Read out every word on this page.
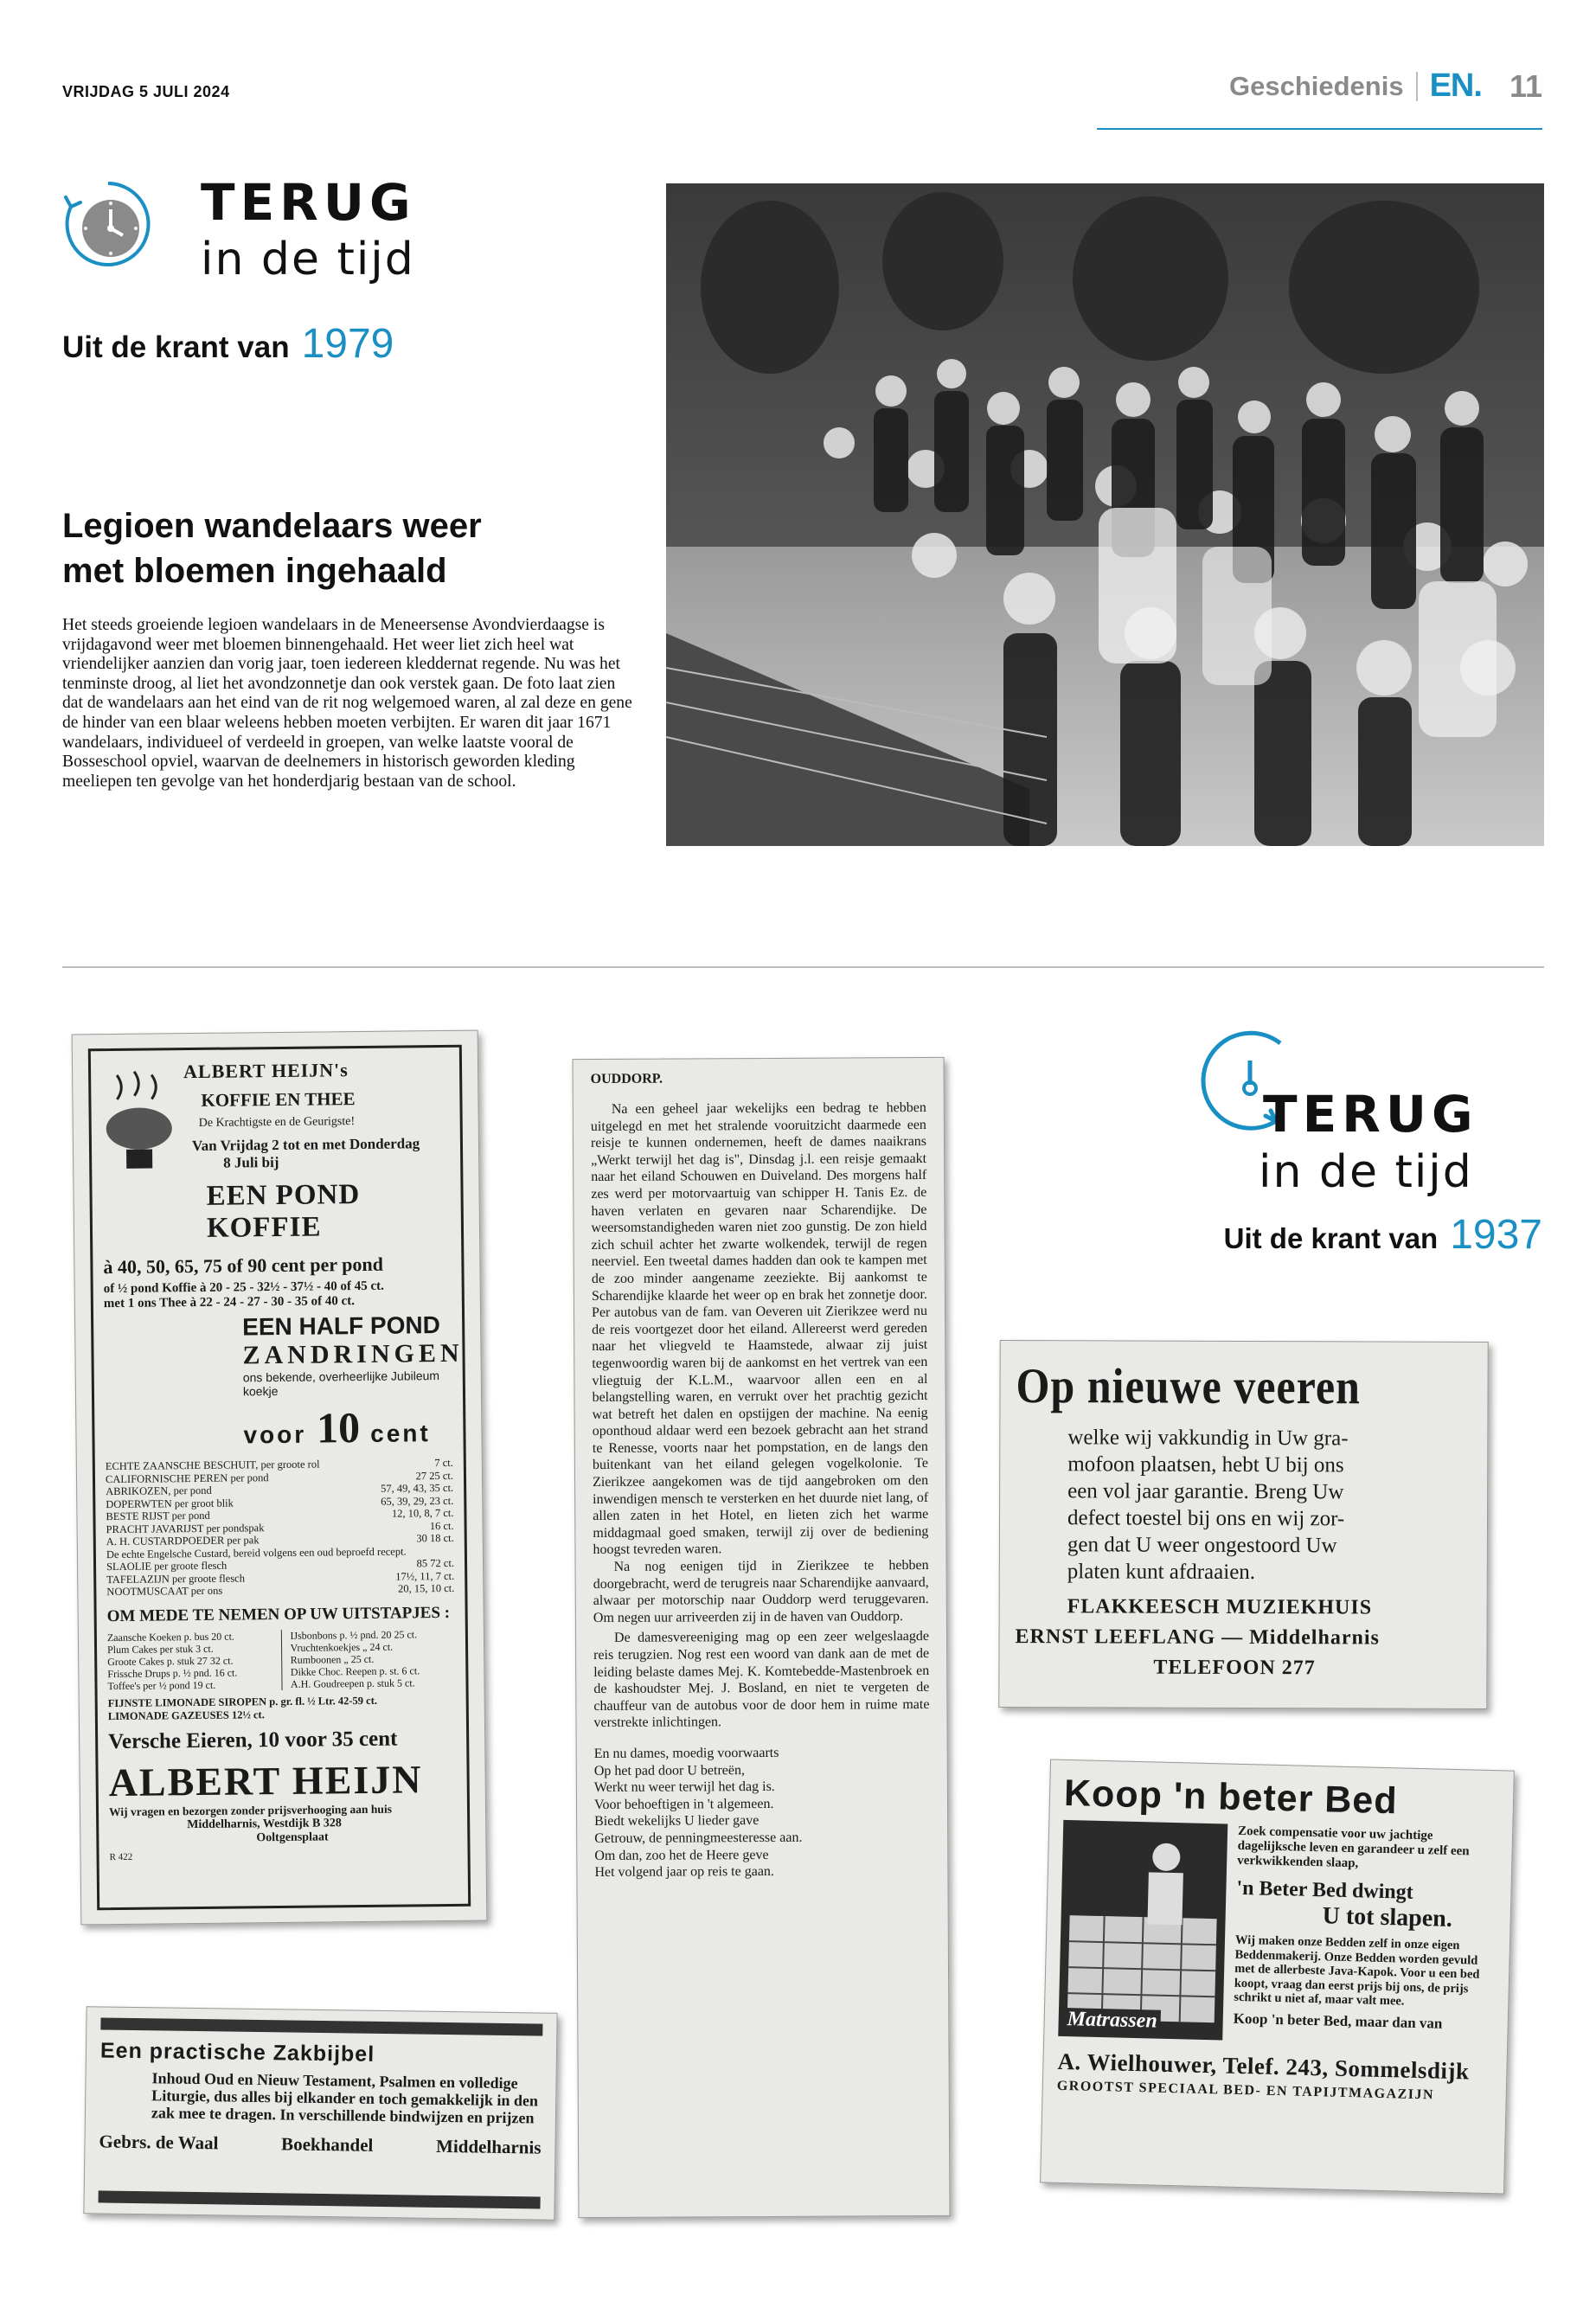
VRIJDAG 5 JULI 2024	Geschiedenis EN. 11
TERUG
in de tijd
Uit de krant van 1979
Legioen wandelaars weer
met bloemen ingehaald
Het steeds groeiende legioen wandelaars in de Meneersense Avondvierdaagse is vrijdagavond weer met bloemen binnengehaald. Het weer liet zich heel wat vriendelijker aanzien dan vorig jaar, toen iedereen kleddernat regende. Nu was het tenminste droog, al liet het avondzonnetje dan ook verstek gaan. De foto laat zien dat de wandelaars aan het eind van de rit nog welgemoed waren, al zal deze en gene de hinder van een blaar weleens hebben moeten verbijten. Er waren dit jaar 1671 wandelaars, individueel of verdeeld in groepen, van welke laatste vooral de Bosseschool opviel, waarvan de deelnemers in historisch geworden kleding meeliepen ten gevolge van het honderdjarig bestaan van de school.
ALBERT HEIJN's
KOFFIE EN THEE
De Krachtigste en de Geurigste!
Van Vrijdag 2 tot en met Donderdag
8 Juli bij
EEN POND KOFFIE
à 40, 50, 65, 75 of 90 cent per pond
of ½ pond Koffie à 20 - 25 - 32½ - 37½ - 40 of 45 ct.
met 1 ons Thee à 22 - 24 - 27 - 30 - 35 of 40 ct.
EEN HALF POND
ZANDRINGEN
ons bekende, overheerlijke Jubileum koekje
voor 10 cent
ECHTE ZAANSCHE BESCHUIT, per groote rol	7 ct.
CALIFORNISCHE PEREN per pond	27 25 ct.
ABRIKOZEN, per pond	57, 49, 43, 35 ct.
DOPERWTEN per groot blik	65, 39, 29, 23 ct.
BESTE RIJST per pond	12, 10, 8, 7 ct.
PRACHT JAVARIJST per pondspak	16 ct.
A. H. CUSTARDPOEDER per pak	30 18 ct.
De echte Engelsche Custard, bereid volgens een oud beproefd recept.
SLAOLIE per groote flesch	85 72 ct.
TAFELAZIJN per groote flesch	17½, 11, 7 ct.
NOOTMUSCAAT per ons	20, 15, 10 ct.
OM MEDE TE NEMEN OP UW UITSTAPJES :
Zaansche Koeken p. bus 20 ct.
Plum Cakes per stuk 3 ct.
Groote Cakes p. stuk 27 32 ct.
Frissche Drups p. ½ pnd. 16 ct.
Toffee's per ½ pond 19 ct.
IJsbonbons p. ½ pnd. 20 25 ct.
Vruchtenkoekjes „ 24 ct.
Rumboonen „ 25 ct.
Dikke Choc. Reepen p. st. 6 ct.
A.H. Goudreepen p. stuk 5 ct.
FIJNSTE LIMONADE SIROPEN p. gr. fl. ½ Ltr. 42-59 ct.
LIMONADE GAZEUSES 12½ ct.
Versche Eieren, 10 voor 35 cent
ALBERT HEIJN
Wij vragen en bezorgen zonder prijsverhooging aan huis
Middelharnis, Westdijk B 328
Ooltgensplaat
R 422
Een practische Zakbijbel
Inhoud Oud en Nieuw Testament, Psalmen en volledige Liturgie, dus alles bij elkander en toch gemakkelijk in den zak mee te dragen. In verschillende bindwijzen en prijzen
Gebrs. de Waal	Boekhandel	Middelharnis
OUDDORP.
Na een geheel jaar wekelijks een bedrag te hebben uitgelegd en met het stralende vooruitzicht daarmede een reisje te kunnen ondernemen, heeft de dames naaikrans „Werkt terwijl het dag is", Dinsdag j.l. een reisje gemaakt naar het eiland Schouwen en Duiveland. Des morgens half zes werd per motorvaartuig van schipper H. Tanis Ez. de haven verlaten en gevaren naar Scharendijke. De weersomstandigheden waren niet zoo gunstig. De zon hield zich schuil achter het zwarte wolkendek, terwijl de regen neerviel. Een tweetal dames hadden dan ook te kampen met de zoo minder aangename zeeziekte. Bij aankomst te Scharendijke klaarde het weer op en brak het zonnetje door. Per autobus van de fam. van Oeveren uit Zierikzee werd nu de reis voortgezet door het eiland. Allereerst werd gereden naar het vliegveld te Haamstede, alwaar zij juist tegenwoordig waren bij de aankomst en het vertrek van een vliegtuig der K.L.M., waarvoor allen een en al belangstelling waren, en verrukt over het prachtig gezicht wat betreft het dalen en opstijgen der machine. Na eenig oponthoud aldaar werd een bezoek gebracht aan het strand te Renesse, voorts naar het pompstation, en de langs den buitenkant van het eiland gelegen vogelkolonie. Te Zierikzee aangekomen was de tijd aangebroken om den inwendigen mensch te versterken en het duurde niet lang, of allen zaten in het Hotel, en lieten zich het warme middagmaal goed smaken, terwijl zij over de bediening hoogst tevreden waren.
Na nog eenigen tijd in Zierikzee te hebben doorgebracht, werd de terugreis naar Scharendijke aanvaard, alwaar per motorschip naar Ouddorp werd teruggevaren. Om negen uur arriveerden zij in de haven van Ouddorp.
De damesvereeniging mag op een zeer welgeslaagde reis terugzien. Nog rest een woord van dank aan de met de leiding belaste dames Mej. K. Komtebedde-Mastenbroek en de kashoudster Mej. J. Bosland, en niet te vergeten de chauffeur van de autobus voor de door hem in ruime mate verstrekte inlichtingen.
En nu dames, moedig voorwaarts
Op het pad door U betreën,
Werkt nu weer terwijl het dag is.
Voor behoeftigen in 't algemeen.
Biedt wekelijks U lieder gave
Getrouw, de penningmeesteresse aan.
Om dan, zoo het de Heere geve
Het volgend jaar op reis te gaan.
TERUG
in de tijd
Uit de krant van 1937
Op nieuwe veeren
welke wij vakkundig in Uw gra-
mofoon plaatsen, hebt U bij ons
een vol jaar garantie. Breng Uw
defect toestel bij ons en wij zor-
gen dat U weer ongestoord Uw
platen kunt afdraaien.
FLAKKEESCH MUZIEKHUIS
ERNST LEEFLANG — Middelharnis
TELEFOON 277
Koop 'n beter Bed
Matrassen
Zoek compensatie voor uw jachtige dagelijksche leven en garandeer u zelf een verkwikkenden slaap,
'n Beter Bed dwingt
U tot slapen.
Wij maken onze Bedden zelf in onze eigen Beddenmakerij. Onze Bedden worden gevuld met de allerbeste Java-Kapok. Voor u een bed koopt, vraag dan eerst prijs bij ons, de prijs schrikt u niet af, maar valt mee.
Koop 'n beter Bed, maar dan van
A. Wielhouwer, Telef. 243, Sommelsdijk
GROOTST SPECIAAL BED- EN TAPIJTMAGAZIJN
